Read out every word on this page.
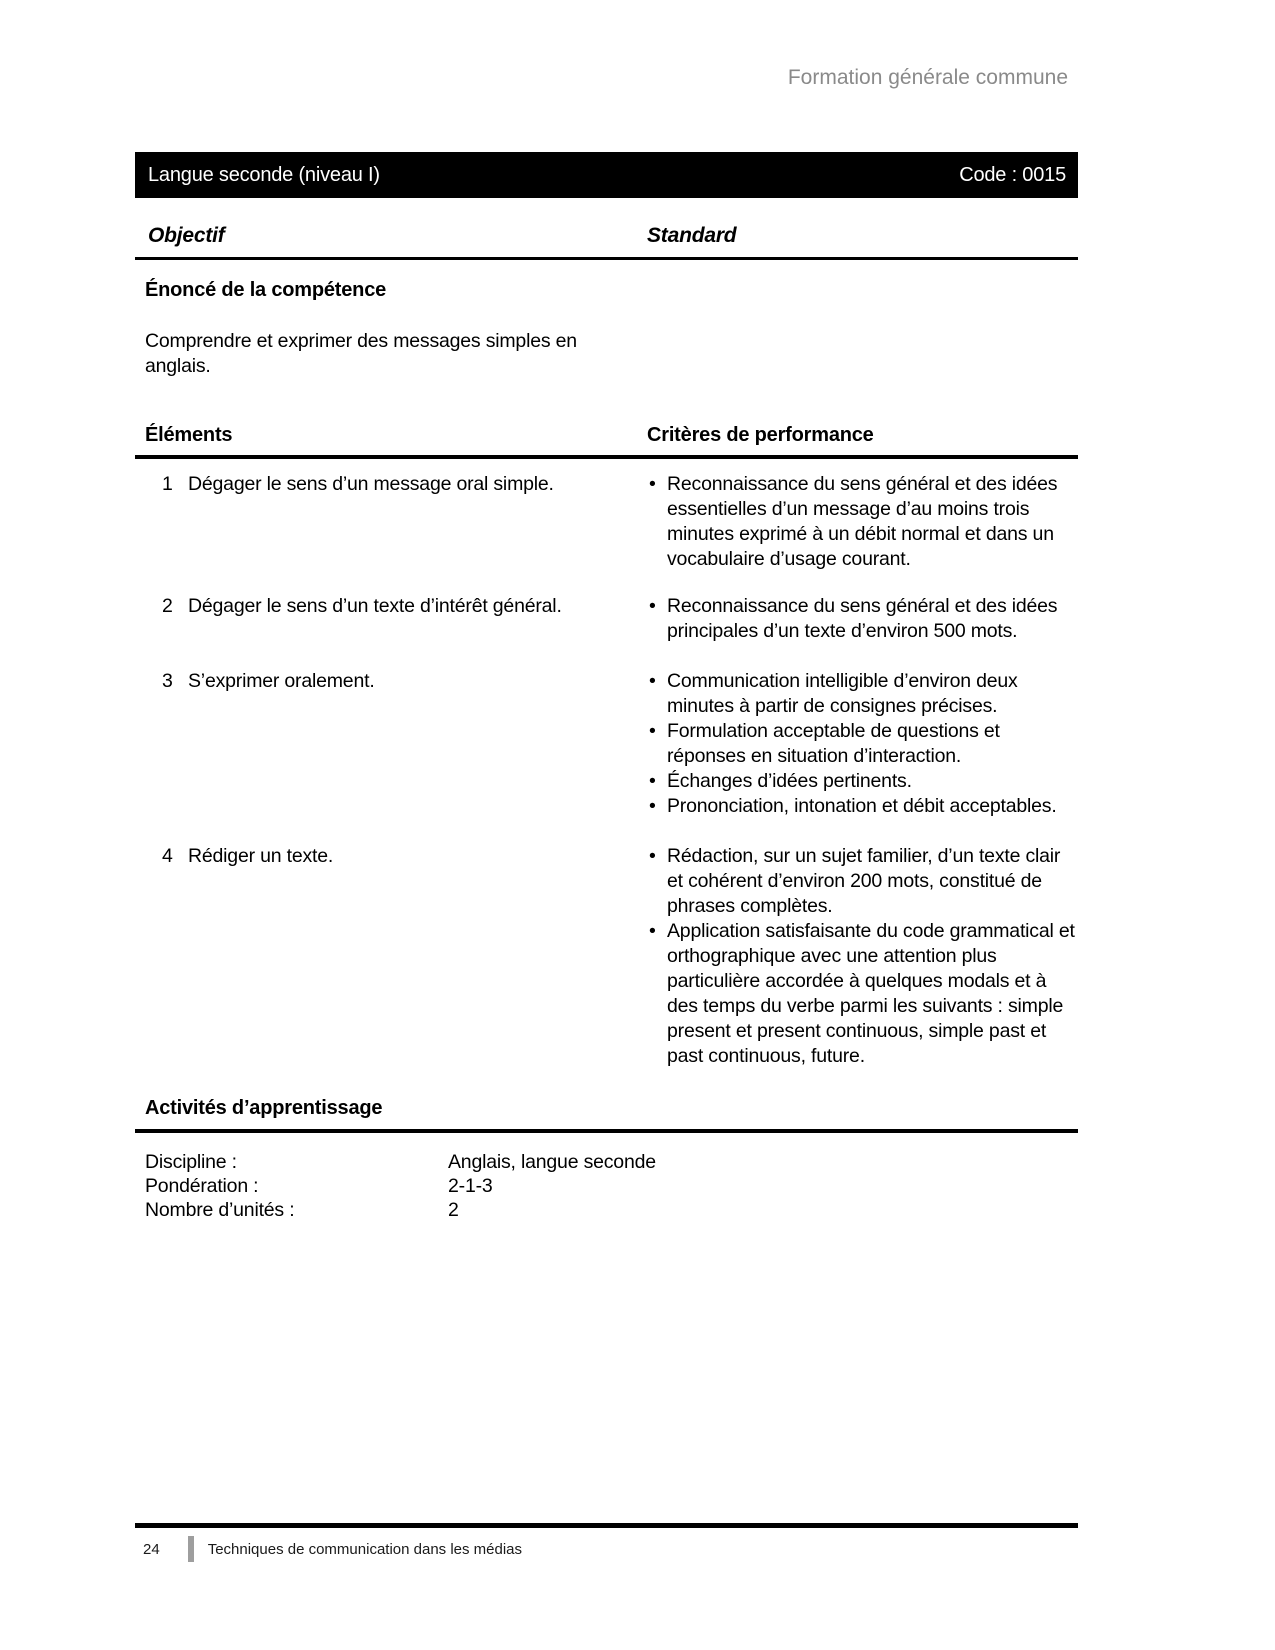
Formation générale commune
Langue seconde (niveau I)	Code : 0015
Objectif	Standard
Énoncé de la compétence
Comprendre et exprimer des messages simples en anglais.
Éléments	Critères de performance
1 Dégager le sens d’un message oral simple.	• Reconnaissance du sens général et des idées essentielles d’un message d’au moins trois minutes exprimé à un débit normal et dans un vocabulaire d’usage courant.
2 Dégager le sens d’un texte d’intérêt général.	• Reconnaissance du sens général et des idées principales d’un texte d’environ 500 mots.
3 S’exprimer oralement.	• Communication intelligible d’environ deux minutes à partir de consignes précises.
• Formulation acceptable de questions et réponses en situation d’interaction.
• Échanges d’idées pertinents.
• Prononciation, intonation et débit acceptables.
4 Rédiger un texte.	• Rédaction, sur un sujet familier, d’un texte clair et cohérent d’environ 200 mots, constitué de phrases complètes.
• Application satisfaisante du code grammatical et orthographique avec une attention plus particulière accordée à quelques modals et à des temps du verbe parmi les suivants : simple present et present continuous, simple past et past continuous, future.
Activités d’apprentissage
Discipline :	Anglais, langue seconde
Pondération :	2-1-3
Nombre d’unités :	2
24	Techniques de communication dans les médias
